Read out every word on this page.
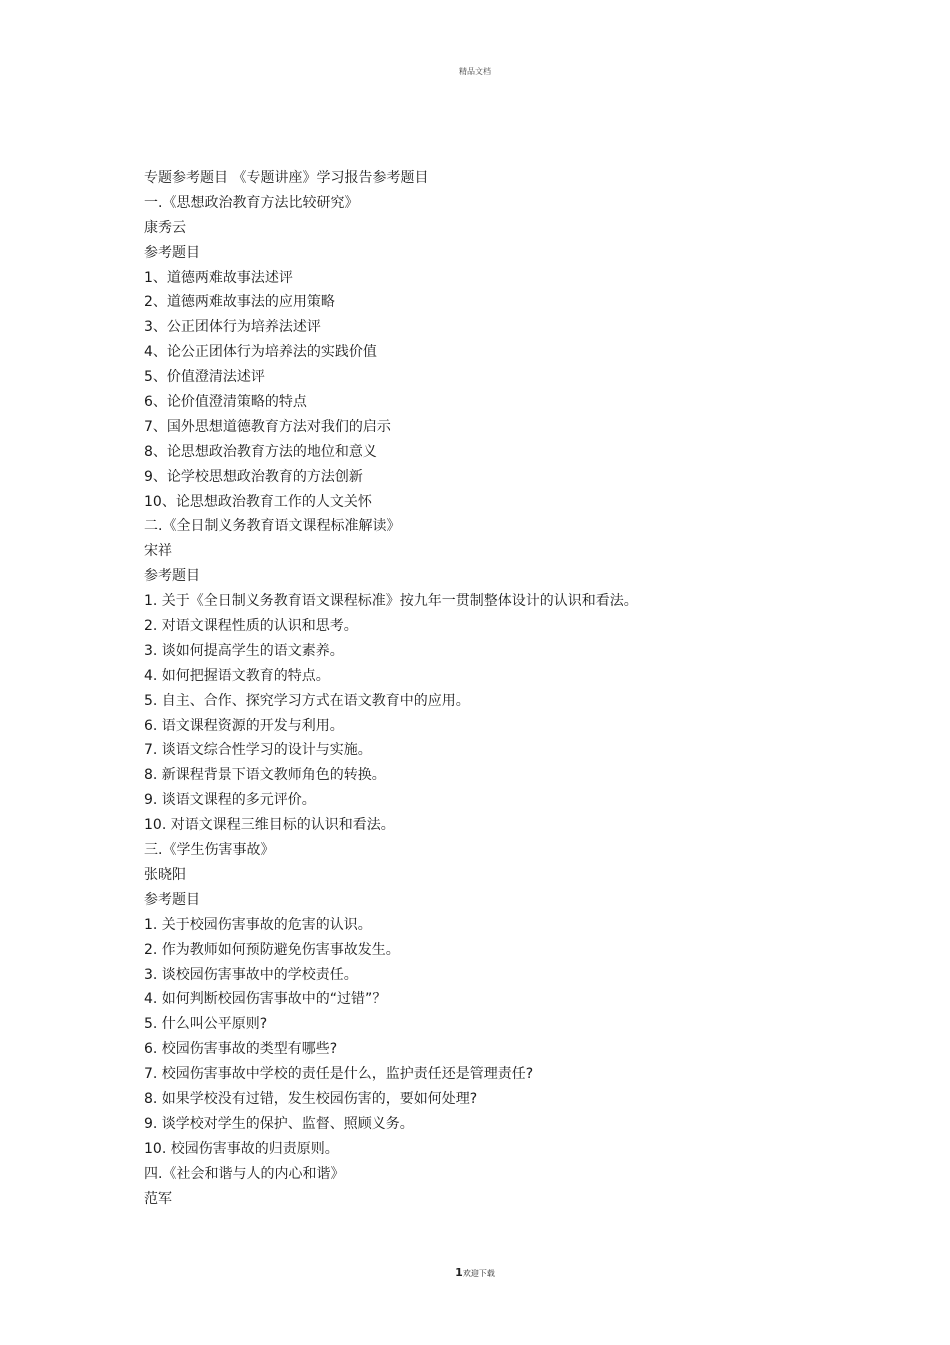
精品文档
专题参考题目 《专题讲座》学习报告参考题目
一.《思想政治教育方法比较研究》
康秀云
参考题目
1、道德两难故事法述评
2、道德两难故事法的应用策略
3、公正团体行为培养法述评
4、论公正团体行为培养法的实践价值
5、价值澄清法述评
6、论价值澄清策略的特点
7、国外思想道德教育方法对我们的启示
8、论思想政治教育方法的地位和意义
9、论学校思想政治教育的方法创新
10、论思想政治教育工作的人文关怀
二.《全日制义务教育语文课程标准解读》
宋祥
参考题目
1. 关于《全日制义务教育语文课程标准》按九年一贯制整体设计的认识和看法。
2. 对语文课程性质的认识和思考。
3. 谈如何提高学生的语文素养。
4. 如何把握语文教育的特点。
5. 自主、合作、探究学习方式在语文教育中的应用。
6. 语文课程资源的开发与利用。
7. 谈语文综合性学习的设计与实施。
8. 新课程背景下语文教师角色的转换。
9. 谈语文课程的多元评价。
10. 对语文课程三维目标的认识和看法。
三.《学生伤害事故》
张晓阳
参考题目
1. 关于校园伤害事故的危害的认识。
2. 作为教师如何预防避免伤害事故发生。
3. 谈校园伤害事故中的学校责任。
4. 如何判断校园伤害事故中的“过错”？
5. 什么叫公平原则?
6. 校园伤害事故的类型有哪些?
7. 校园伤害事故中学校的责任是什么，监护责任还是管理责任?
8. 如果学校没有过错，发生校园伤害的，要如何处理?
9. 谈学校对学生的保护、监督、照顾义务。
10. 校园伤害事故的归责原则。
四.《社会和谐与人的内心和谐》
范军
1欢迎下载
